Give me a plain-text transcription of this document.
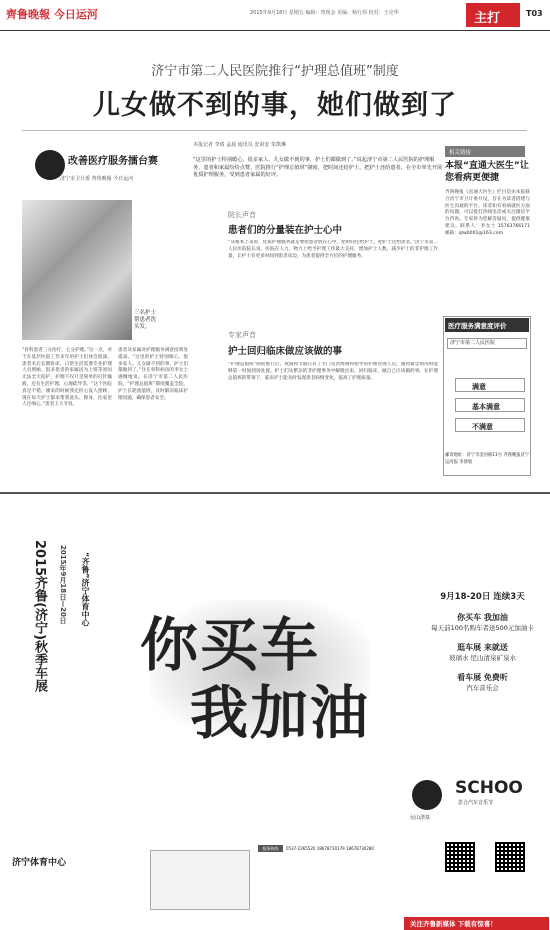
齊鲁晚報 今日运河	2015年9月18日 星期五 编辑：曾现金 美编：杨行伟 校对：王克华	主打	T03
济宁市第二人民医院推行“护理总值班”制度
儿女做不到的事，她们做到了
改善医疗服务擂台赛
济宁市卫计委 齊鲁晚報 今日运河
本报记者 李倩 孟晨 通讯员 张甫安 朱凯琳
“这里的护士特别暖心，很多家人、儿女做不到的事，护士们都做到了。”说起济宁市第二人民医院的护理服务，患者和家属纷纷点赞。医院推行“护理总值班”制度，把时间还给护士，把护士还给患者，在全市率先开展优质护理服务，受到患者家属的好评。
三名护士帮患者洗头发。
“骨科患者三分治疗，七分护理。”这一点，对于在基层医院工作多年的护士们体会很深。患者术后长期卧床，日常生活需要专业护理人员照顾。很多患者的家属因为上班等原因无法全天陪护，护理不仅只是简单的打针输液，还有生活护理、心理疏导等。“这个医院真是不错，刚来的时候我还担心没人照顾，现在每天护士都来帮我洗头、擦身，比家里人还细心。”患者王大爷说。
患者及家属对护理服务满意度明显提高。“这里的护士特别细心，很多家人、儿女做不到的事，护士们都做到了。”住在骨科病房的李女士感慨地说。在济宁市第二人民医院，“护理总值班”制度覆盖全院，护士长轮流值班，及时解决临床护理问题，确保患者安全。
院长声音
患者们的分量装在护士心中
“从根本上来说，优质护理服务就是要把患者放在心中，把时间还给护士，把护士还给患者。”济宁市第二人民医院院长说。医院在人力、物力上给予护理工作最大支持，增加护士人数，减少护士的非护理工作量，让护士有更多时间到患者床边，为患者提供全方位的护理服务。
专家声音
护士回归临床做应该做的事
“护理总值班”制度推行后，夜间和节假日有了专门负责协调和指导的护理管理人员，遇到紧急情况时能够第一时间到场处置。护士们从繁杂的非护理事务中解脱出来，回归临床，做自己应该做的事。在护理总值班的带领下，临床护士能及时发现患者病情变化，提高了护理质量。
相关链接
本报“直通大医生”让您看病更便捷
齐鲁晚报《直通大医生》栏目是由本报联合济宁市卫计委开设，旨在为读者搭建与医生沟通的平台。读者如有看病就医方面的问题，可以拨打热线电话或关注微信平台咨询。专家将为您解答疑问，提供健康建议。联系人：李女士 15763766171 邮箱：qlwb001@163.com
医疗服务满意度评价
济宁市第二人民医院
满意
基本满意
不满意
邮寄地址：济宁市洸河路11号 齐鲁晚报济宁运河报 李倩收
2015齐鲁(济宁)秋季车展 2015年9月18日—20日 “齐鲁”济宁体育中心
你买车
我加油
9月18-20日 连续3天
你买车 我加油
每天前100名购车者送500元加油卡
逛车展 来就送
玻璃水 尼山清泉矿泉水
看车展 免费听
汽车音乐会
尼山清泉
SCHOO
思合汽车音乐节
济宁体育中心
服务热线	0537-2365520 18678730179 18678730280
关注齐鲁新媒体 下载有惊喜！
